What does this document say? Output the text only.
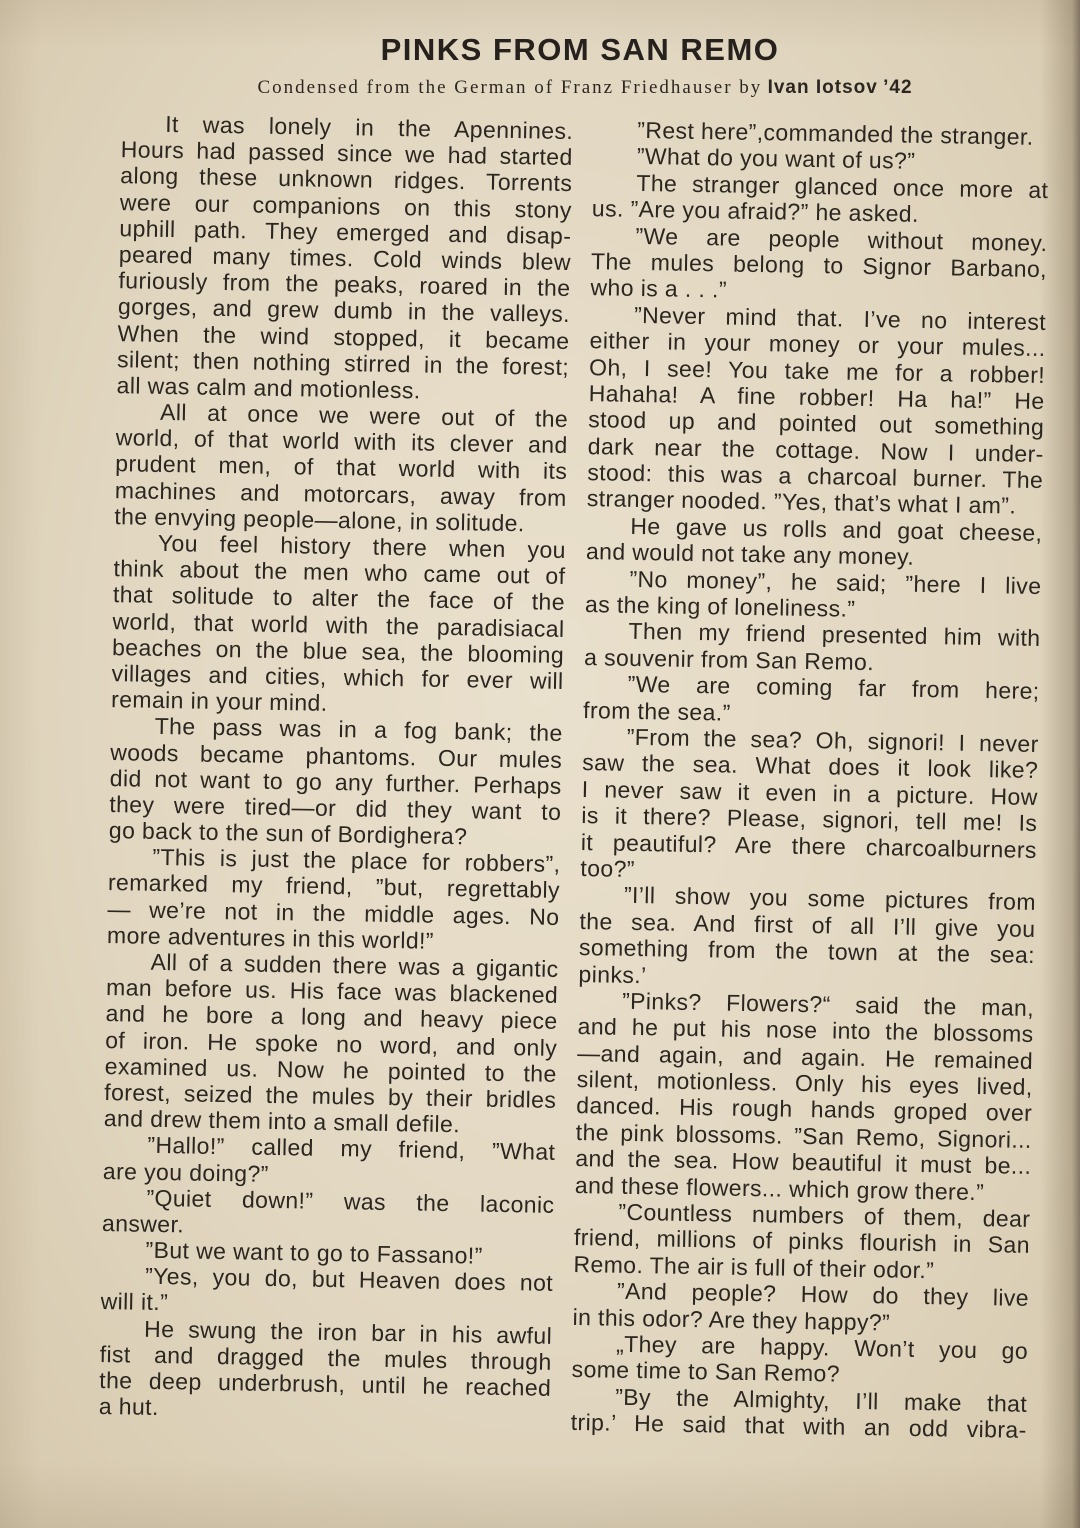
PINKS FROM SAN REMO
Condensed from the German of Franz Friedhauser by Ivan Iotsov ’42
It was lonely in the Apennines.
Hours had passed since we had started
along these unknown ridges. Torrents
were our companions on this stony
uphill path. They emerged and disap-
peared many times. Cold winds blew
furiously from the peaks, roared in the
gorges, and grew dumb in the valleys.
When the wind stopped, it became
silent; then nothing stirred in the forest;
all was calm and motionless.
All at once we were out of the
world, of that world with its clever and
prudent men, of that world with its
machines and motorcars, away from
the envying people—alone, in solitude.
You feel history there when you
think about the men who came out of
that solitude to alter the face of the
world, that world with the paradisiacal
beaches on the blue sea, the blooming
villages and cities, which for ever will
remain in your mind.
The pass was in a fog bank; the
woods became phantoms. Our mules
did not want to go any further. Perhaps
they were tired—or did they want to
go back to the sun of Bordighera?
”This is just the place for robbers”,
remarked my friend, ”but, regrettably
— we’re not in the middle ages. No
more adventures in this world!”
All of a sudden there was a gigantic
man before us. His face was blackened
and he bore a long and heavy piece
of iron. He spoke no word, and only
examined us. Now he pointed to the
forest, seized the mules by their bridles
and drew them into a small defile.
”Hallo!” called my friend, ”What
are you doing?”
”Quiet down!” was the laconic
answer.
”But we want to go to Fassano!”
”Yes, you do, but Heaven does not
will it.”
He swung the iron bar in his awful
fist and dragged the mules through
the deep underbrush, until he reached
a hut.
”Rest here”,commanded the stranger.
”What do you want of us?”
The stranger glanced once more at
us. ”Are you afraid?” he asked.
”We are people without money.
The mules belong to Signor Barbano,
who is a . . .”
”Never mind that. I’ve no interest
either in your money or your mules...
Oh, I see! You take me for a robber!
Hahaha! A fine robber! Ha ha!” He
stood up and pointed out something
dark near the cottage. Now I under-
stood: this was a charcoal burner. The
stranger nooded. ”Yes, that’s what I am”.
He gave us rolls and goat cheese,
and would not take any money.
”No money”, he said; ”here I live
as the king of loneliness.”
Then my friend presented him with
a souvenir from San Remo.
”We are coming far from here;
from the sea.”
”From the sea? Oh, signori! I never
saw the sea. What does it look like?
I never saw it even in a picture. How
is it there? Please, signori, tell me! Is
it peautiful? Are there charcoalburners
too?”
”I’ll show you some pictures from
the sea. And first of all I’ll give you
something from the town at the sea:
pinks.’
”Pinks? Flowers?“ said the man,
and he put his nose into the blossoms
—and again, and again. He remained
silent, motionless. Only his eyes lived,
danced. His rough hands groped over
the pink blossoms. ”San Remo, Signori...
and the sea. How beautiful it must be...
and these flowers... which grow there.”
”Countless numbers of them, dear
friend, millions of pinks flourish in San
Remo. The air is full of their odor.”
”And people? How do they live
in this odor? Are they happy?”
„They are happy. Won’t you go
some time to San Remo?
”By the Almighty, I’ll make that
trip.’ He said that with an odd vibra-
